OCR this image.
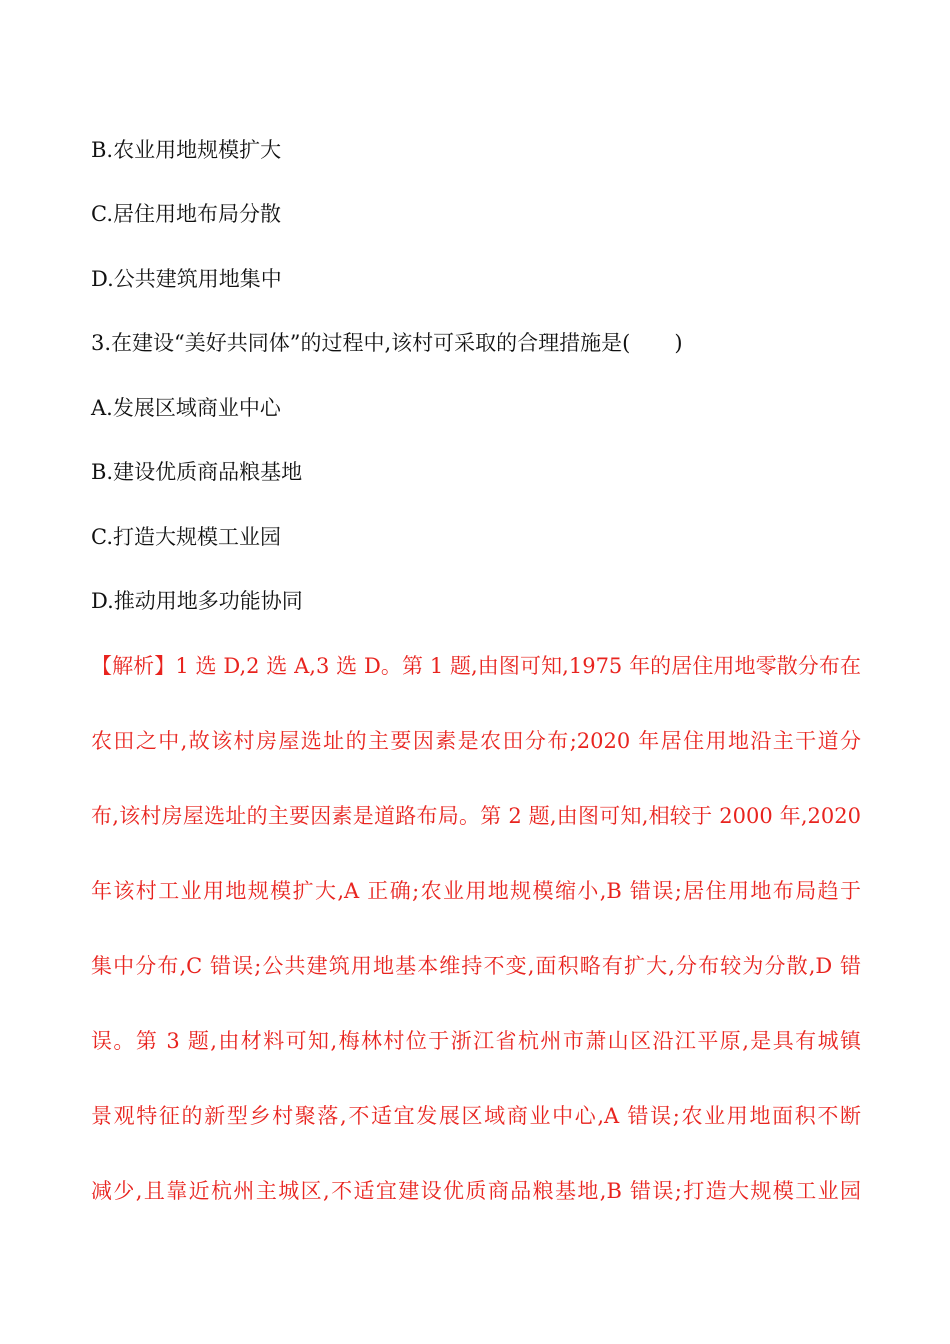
B.农业用地规模扩大
C.居住用地布局分散
D.公共建筑用地集中
3.在建设“美好共同体”的过程中,该村可采取的合理措施是( )
A.发展区域商业中心
B.建设优质商品粮基地
C.打造大规模工业园
D.推动用地多功能协同
【解析】1 选 D,2 选 A,3 选 D。第 1 题,由图可知,1975 年的居住用地零散分布在
农田之中,故该村房屋选址的主要因素是农田分布;2020 年居住用地沿主干道分
布,该村房屋选址的主要因素是道路布局。第 2 题,由图可知,相较于 2000 年,2020
年该村工业用地规模扩大,A 正确;农业用地规模缩小,B 错误;居住用地布局趋于
集中分布,C 错误;公共建筑用地基本维持不变,面积略有扩大,分布较为分散,D 错
误。第 3 题,由材料可知,梅林村位于浙江省杭州市萧山区沿江平原,是具有城镇
景观特征的新型乡村聚落,不适宜发展区域商业中心,A 错误;农业用地面积不断
减少,且靠近杭州主城区,不适宜建设优质商品粮基地,B 错误;打造大规模工业园
